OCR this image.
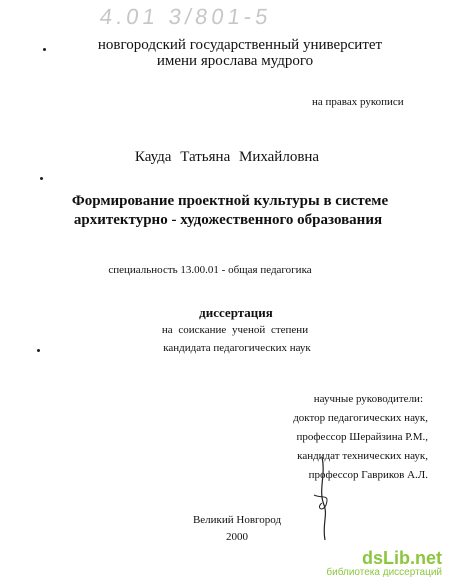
4.01 3/801-5
новгородский государственный университет
имени ярослава мудрого
на правах рукописи
Кауда Татьяна Михайловна
Формирование проектной культуры в системе
архитектурно - художественного образования
специальность 13.00.01 - общая педагогика
диссертация
на соискание ученой степени
кандидата педагогических наук
научные руководители:
доктор педагогических наук,
профессор Шерайзина Р.М.,
кандидат технических наук,
профессор Гавриков А.Л.
Великий Новгород
2000
dsLib.net
библиотека диссертаций
